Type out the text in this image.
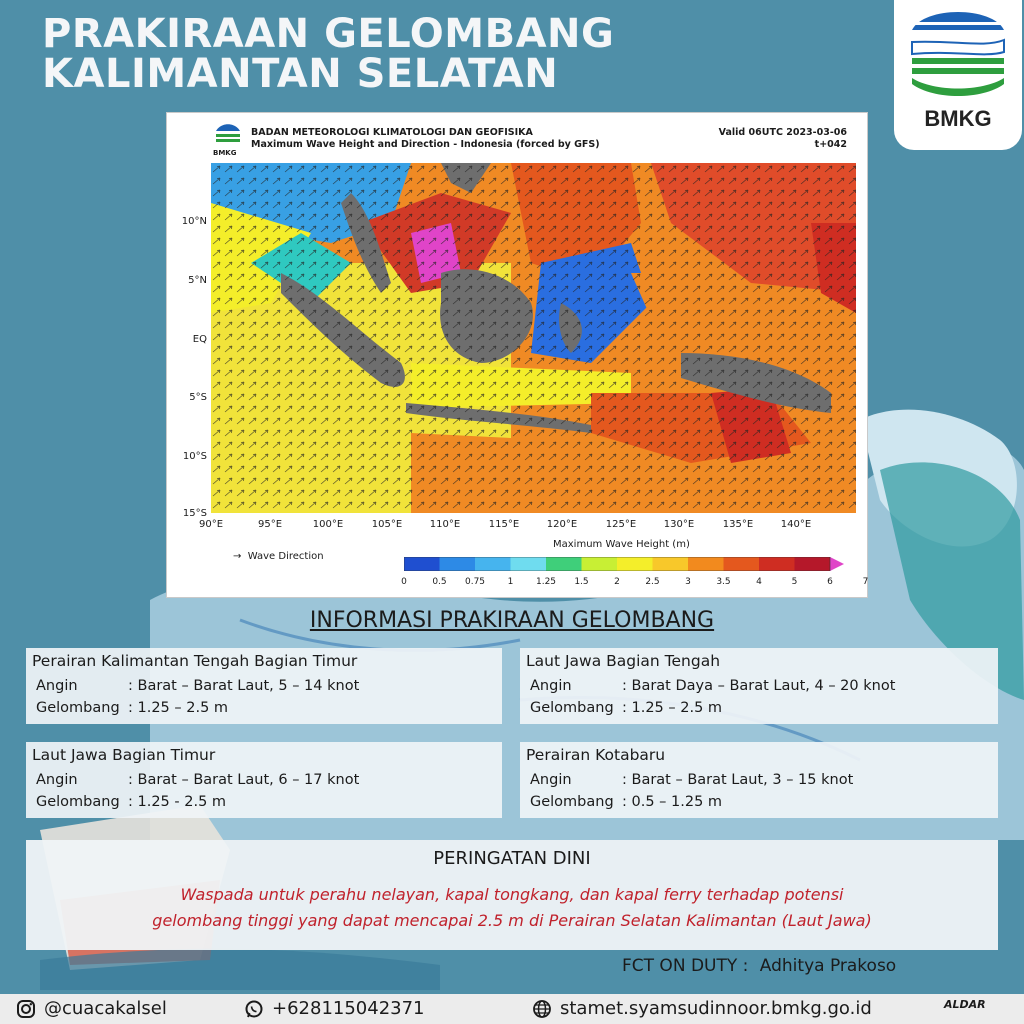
PRAKIRAAN GELOMBANG
KALIMANTAN SELATAN
BMKG
BMKG
BADAN METEOROLOGI KLIMATOLOGI DAN GEOFISIKA
Maximum Wave Height and Direction - Indonesia (forced by GFS)
Valid 06UTC 2023-03-06
t+042
10°N
5°N
EQ
5°S
10°S
15°S
90°E	95°E	100°E	105°E	110°E	115°E	120°E	125°E	130°E	135°E	140°E
→ Wave Direction
Maximum Wave Height (m)
0	0.5 0.75	1	1.25 1.5	2	2.5	3	3.5	4	5	6	7
INFORMASI PRAKIRAAN GELOMBANG
Perairan Kalimantan Tengah Bagian Timur
Angin	: Barat – Barat Laut, 5 – 14 knot
Gelombang : 1.25 – 2.5 m
Laut Jawa Bagian Tengah
Angin	: Barat Daya – Barat Laut, 4 – 20 knot
Gelombang : 1.25 – 2.5 m
Laut Jawa Bagian Timur
Angin	: Barat – Barat Laut, 6 – 17 knot
Gelombang : 1.25 - 2.5 m
Perairan Kotabaru
Angin	: Barat – Barat Laut, 3 – 15 knot
Gelombang : 0.5 – 1.25 m
PERINGATAN DINI
Waspada untuk perahu nelayan, kapal tongkang, dan kapal ferry terhadap potensi
gelombang tinggi yang dapat mencapai 2.5 m di Perairan Selatan Kalimantan (Laut Jawa)
FCT ON DUTY : Adhitya Prakoso
@cuacakalsel	+628115042371	stamet.syamsudinnoor.bmkg.go.id	ALDAR
